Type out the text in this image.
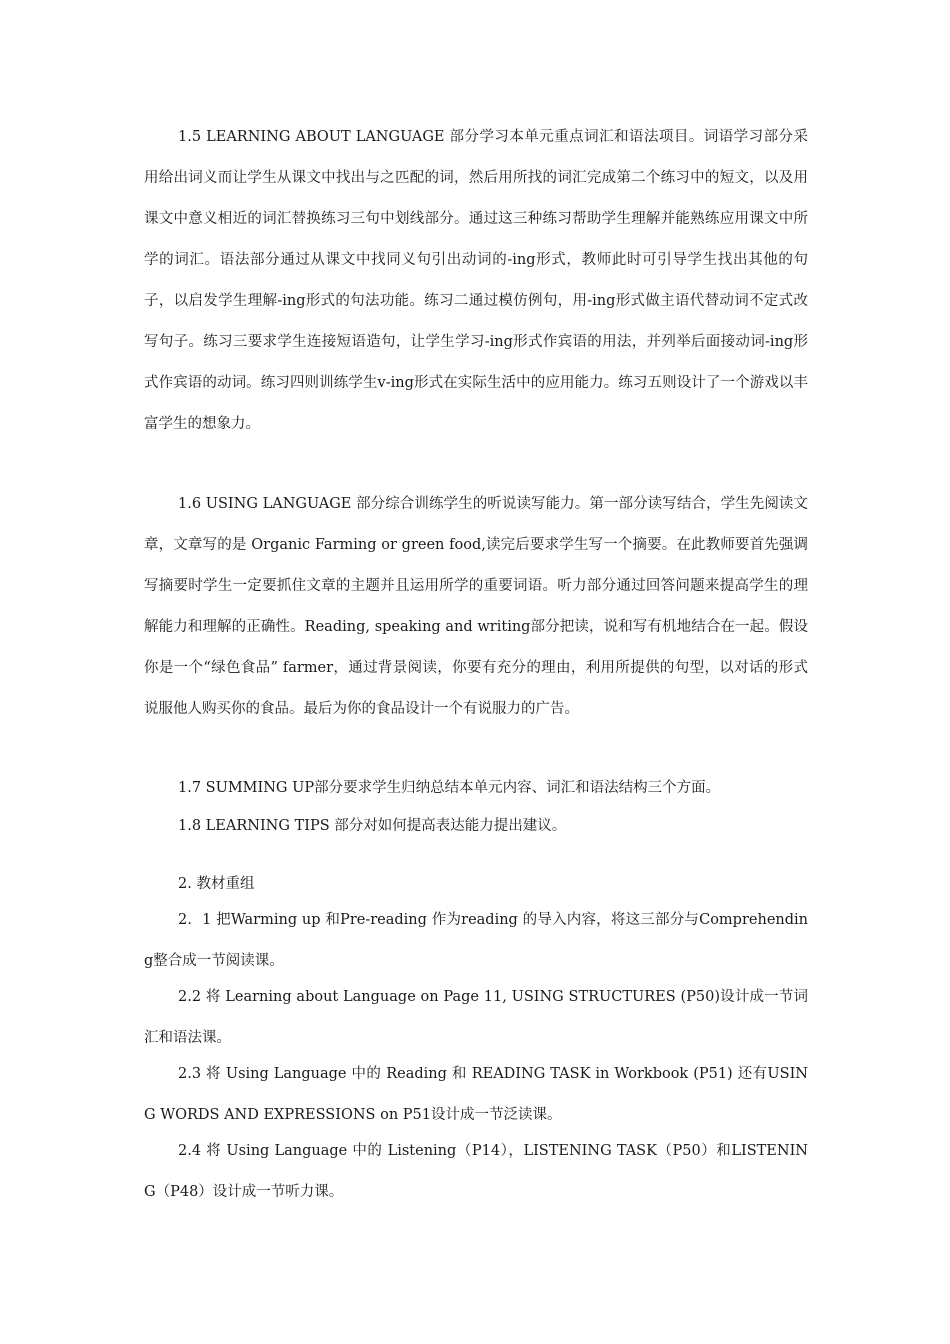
1.5 LEARNING ABOUT LANGUAGE 部分学习本单元重点词汇和语法项目。词语学习部分采用给出词义而让学生从课文中找出与之匹配的词，然后用所找的词汇完成第二个练习中的短文，以及用课文中意义相近的词汇替换练习三句中划线部分。通过这三种练习帮助学生理解并能熟练应用课文中所学的词汇。语法部分通过从课文中找同义句引出动词的-ing形式，教师此时可引导学生找出其他的句子，以启发学生理解-ing形式的句法功能。练习二通过模仿例句，用-ing形式做主语代替动词不定式改写句子。练习三要求学生连接短语造句，让学生学习-ing形式作宾语的用法，并列举后面接动词-ing形式作宾语的动词。练习四则训练学生v-ing形式在实际生活中的应用能力。练习五则设计了一个游戏以丰富学生的想象力。

1.6 USING LANGUAGE 部分综合训练学生的听说读写能力。第一部分读写结合，学生先阅读文章，文章写的是 Organic Farming or green food,读完后要求学生写一个摘要。在此教师要首先强调写摘要时学生一定要抓住文章的主题并且运用所学的重要词语。听力部分通过回答问题来提高学生的理解能力和理解的正确性。Reading, speaking and writing部分把读，说和写有机地结合在一起。假设你是一个“绿色食品” farmer，通过背景阅读，你要有充分的理由，利用所提供的句型，以对话的形式说服他人购买你的食品。最后为你的食品设计一个有说服力的广告。

1.7 SUMMING UP部分要求学生归纳总结本单元内容、词汇和语法结构三个方面。

1.8 LEARNING TIPS 部分对如何提高表达能力提出建议。

2. 教材重组

2．1 把Warming up 和Pre-reading 作为reading 的导入内容，将这三部分与Comprehending整合成一节阅读课。

2.2 将 Learning about Language on Page 11, USING STRUCTURES (P50)设计成一节词汇和语法课。

2.3 将 Using Language 中的 Reading 和 READING TASK in Workbook (P51) 还有USING WORDS AND EXPRESSIONS on P51设计成一节泛读课。

2.4 将 Using Language 中的 Listening（P14），LISTENING TASK（P50）和LISTENING（P48）设计成一节听力课。
